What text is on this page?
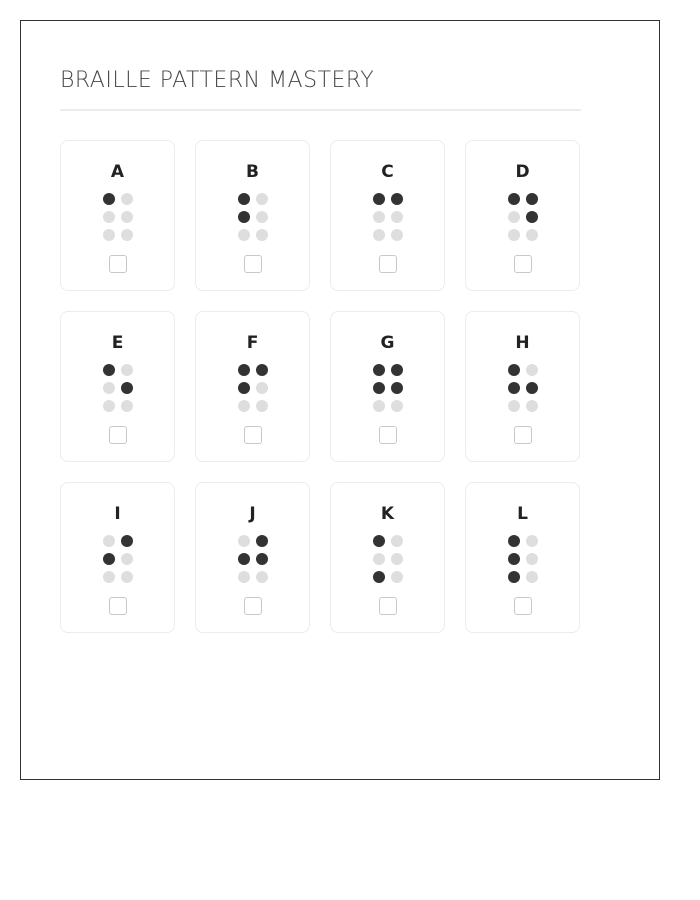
BRAILLE PATTERN MASTERY
A	B	C	D
E	F	G	H
I	J	K	L
